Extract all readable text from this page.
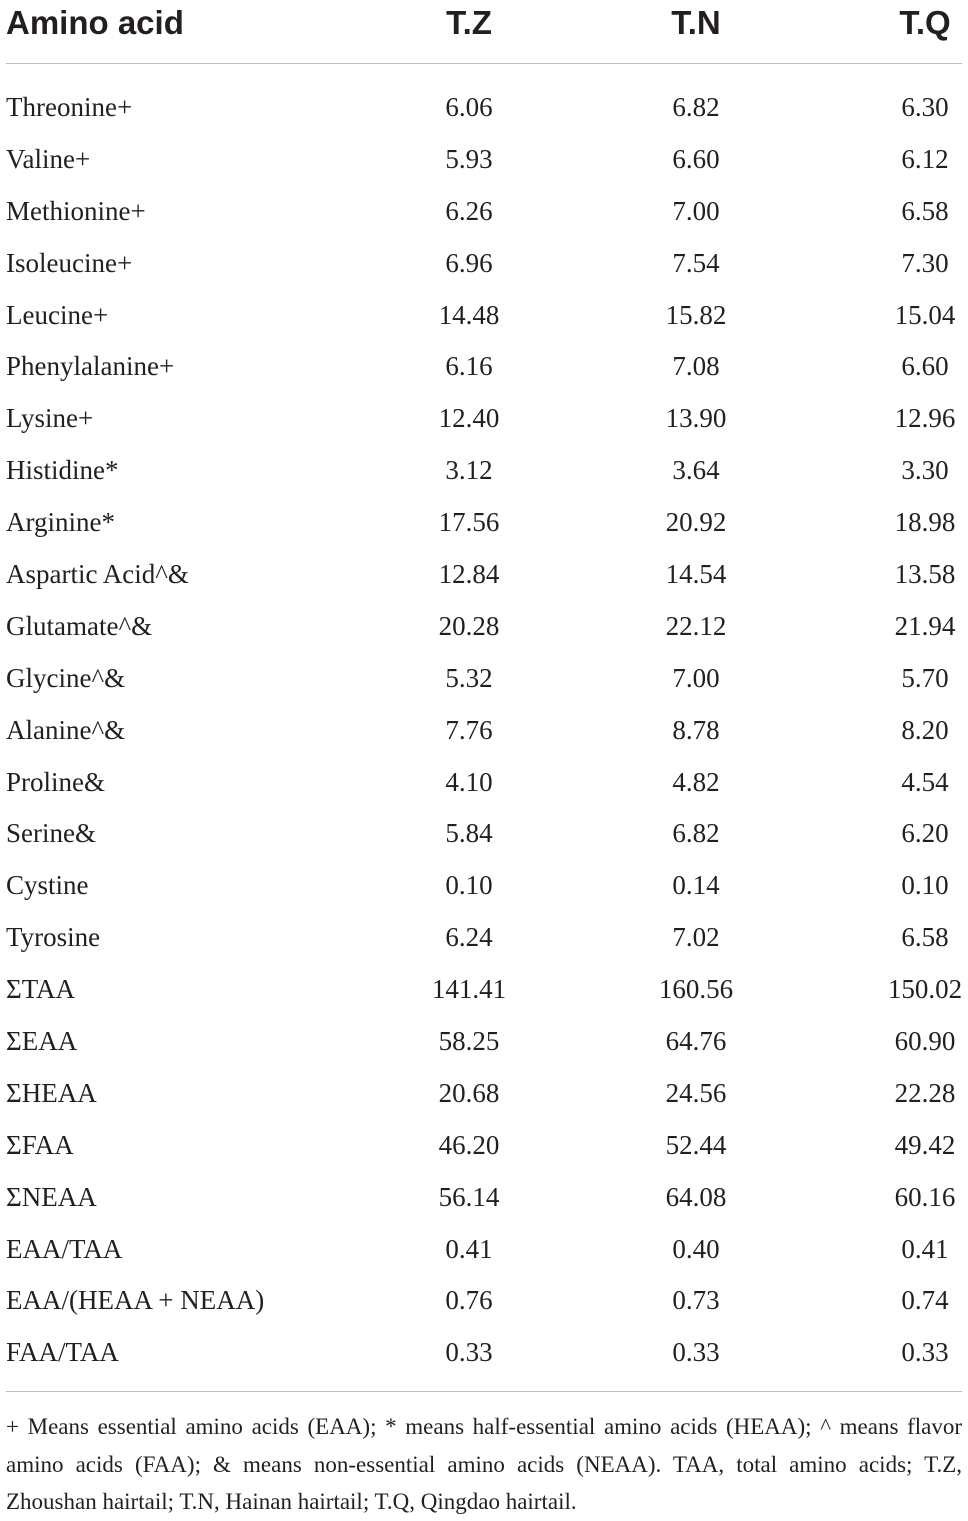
Amino acid	T.Z	T.N	T.Q
Threonine+	6.06	6.82	6.30
Valine+	5.93	6.60	6.12
Methionine+	6.26	7.00	6.58
Isoleucine+	6.96	7.54	7.30
Leucine+	14.48	15.82	15.04
Phenylalanine+	6.16	7.08	6.60
Lysine+	12.40	13.90	12.96
Histidine*	3.12	3.64	3.30
Arginine*	17.56	20.92	18.98
Aspartic Acid^&	12.84	14.54	13.58
Glutamate^&	20.28	22.12	21.94
Glycine^&	5.32	7.00	5.70
Alanine^&	7.76	8.78	8.20
Proline&	4.10	4.82	4.54
Serine&	5.84	6.82	6.20
Cystine	0.10	0.14	0.10
Tyrosine	6.24	7.02	6.58
ΣTAA	141.41	160.56	150.02
ΣEAA	58.25	64.76	60.90
ΣHEAA	20.68	24.56	22.28
ΣFAA	46.20	52.44	49.42
ΣNEAA	56.14	64.08	60.16
EAA/TAA	0.41	0.40	0.41
EAA/(HEAA + NEAA)	0.76	0.73	0.74
FAA/TAA	0.33	0.33	0.33
+ Means essential amino acids (EAA); * means half-essential amino acids (HEAA); ^ means flavor amino acids (FAA); & means non-essential amino acids (NEAA). TAA, total amino acids; T.Z, Zhoushan hairtail; T.N, Hainan hairtail; T.Q, Qingdao hairtail.
